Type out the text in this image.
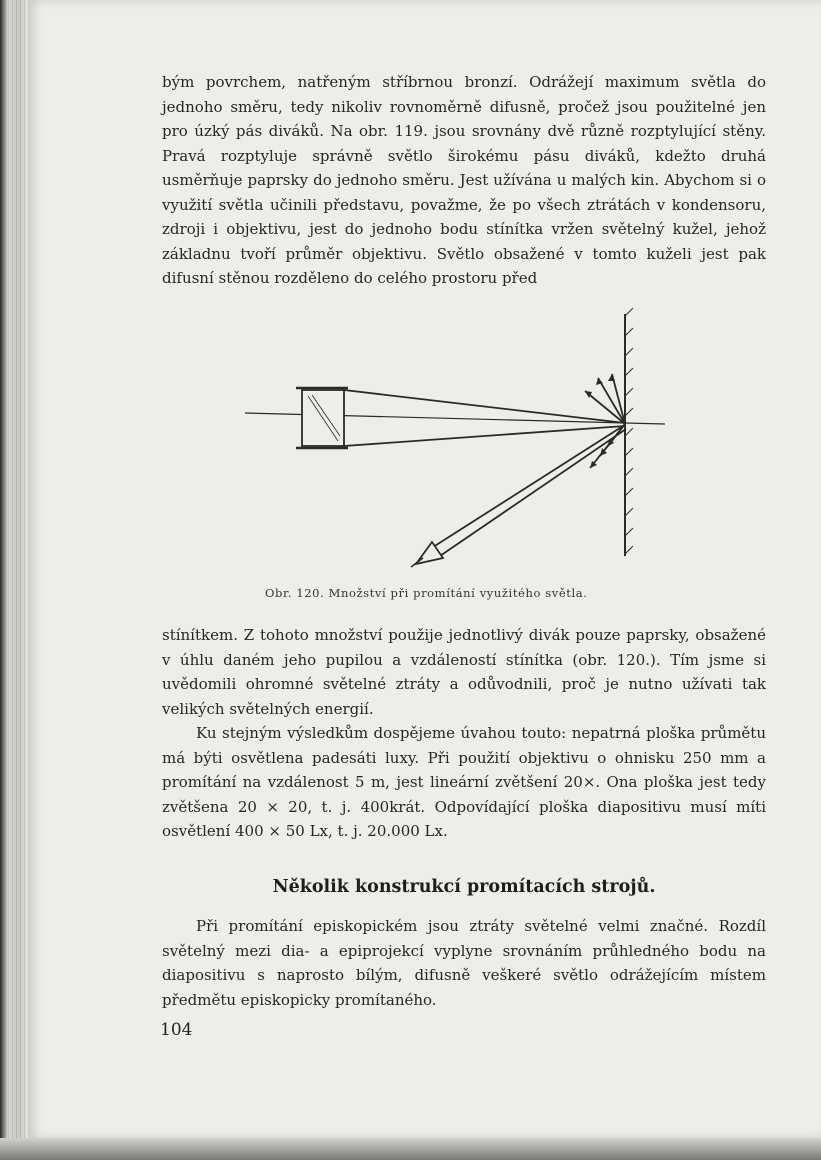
bým povrchem, natřeným stříbrnou bronzí. Odrážejí maximum světla do jednoho směru, tedy nikoliv rovnoměrně difusně, pročež jsou použitelné jen pro úzký pás diváků. Na obr. 119. jsou srovnány dvě různě rozptylující stěny. Pravá rozptyluje správně světlo širokému pásu diváků, kdežto druhá usměrňuje paprsky do jednoho směru. Jest užívána u malých kin. Abychom si o využití světla učinili představu, považme, že po všech ztrátách v kondensoru, zdroji i objektivu, jest do jednoho bodu stínítka vržen světelný kužel, jehož základnu tvoří průměr objektivu. Světlo obsažené v tomto kuželi jest pak difusní stěnou rozděleno do celého prostoru před

Obr. 120. Množství při promítání využitého světla.

stínítkem. Z tohoto množství použije jednotlivý divák pouze paprsky, obsažené v úhlu daném jeho pupilou a vzdáleností stínítka (obr. 120.). Tím jsme si uvědomili ohromné světelné ztráty a odůvodnili, proč je nutno užívati tak velikých světelných energií.

Ku stejným výsledkům dospějeme úvahou touto: nepatrná ploška průmětu má býti osvětlena padesáti luxy. Při použití objektivu o ohnisku 250 mm a promítání na vzdálenost 5 m, jest lineární zvětšení 20×. Ona ploška jest tedy zvětšena 20 × 20, t. j. 400krát. Odpovídající ploška diapositivu musí míti osvětlení 400 × 50 Lx, t. j. 20.000 Lx.

Několik konstrukcí promítacích strojů.

Při promítání episkopickém jsou ztráty světelné velmi značné. Rozdíl světelný mezi dia- a epiprojekcí vyplyne srovnáním průhledného bodu na diapositivu s naprosto bílým, difusně veškeré světlo odrážejícím místem předmětu episkopicky promítaného.

104
